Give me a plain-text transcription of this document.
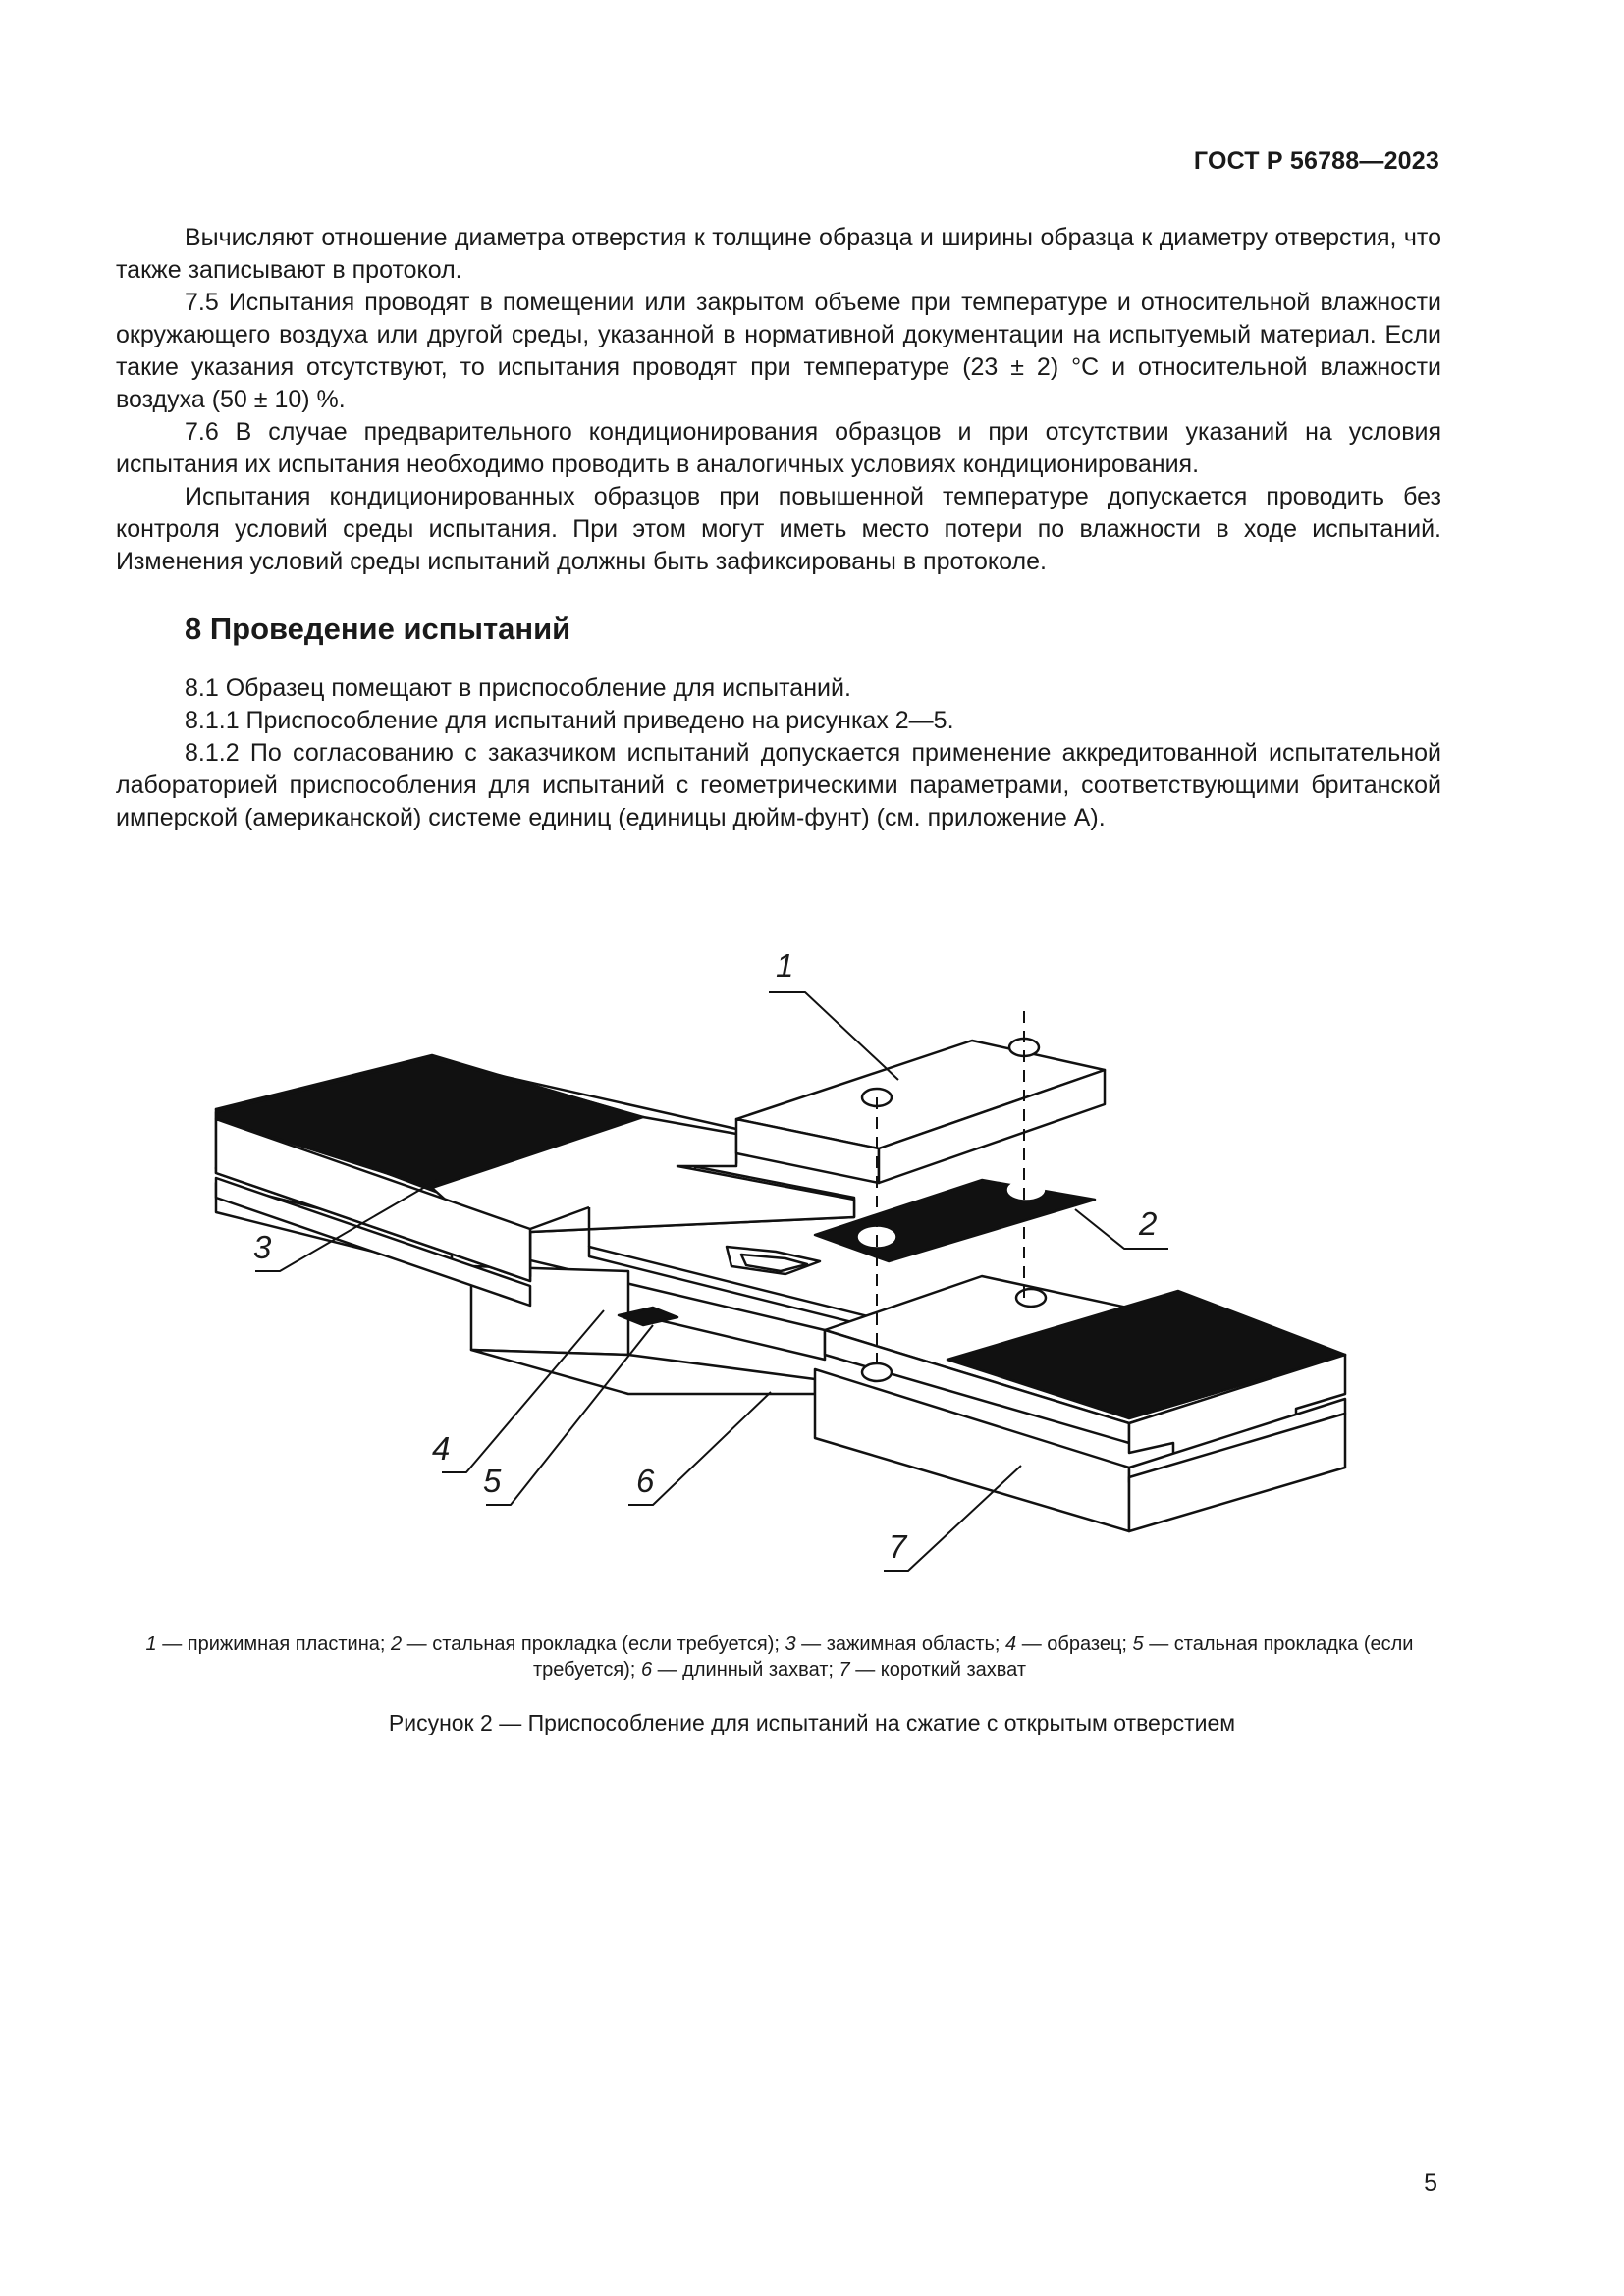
ГОСТ Р 56788—2023

Вычисляют отношение диаметра отверстия к толщине образца и ширины образца к диаметру отверстия, что также записывают в протокол.

7.5 Испытания проводят в помещении или закрытом объеме при температуре и относительной влажности окружающего воздуха или другой среды, указанной в нормативной документации на испытуемый материал. Если такие указания отсутствуют, то испытания проводят при температуре (23 ± 2) °С и относительной влажности воздуха (50 ± 10) %.

7.6 В случае предварительного кондиционирования образцов и при отсутствии указаний на условия испытания их испытания необходимо проводить в аналогичных условиях кондиционирования.

Испытания кондиционированных образцов при повышенной температуре допускается проводить без контроля условий среды испытания. При этом могут иметь место потери по влажности в ходе испытаний. Изменения условий среды испытаний должны быть зафиксированы в протоколе.

8 Проведение испытаний

8.1 Образец помещают в приспособление для испытаний.

8.1.1 Приспособление для испытаний приведено на рисунках 2—5.

8.1.2 По согласованию с заказчиком испытаний допускается применение аккредитованной испытательной лабораторией приспособления для испытаний с геометрическими параметрами, соответствующими британской имперской (американской) системе единиц (единицы дюйм-фунт) (см. приложение А).

1
2
3
4
5	6
7
1 — прижимная пластина; 2 — стальная прокладка (если требуется); 3 — зажимная область; 4 — образец; 5 — стальная прокладка (если требуется); 6 — длинный захват; 7 — короткий захват
Рисунок 2 — Приспособление для испытаний на сжатие с открытым отверстием
5
